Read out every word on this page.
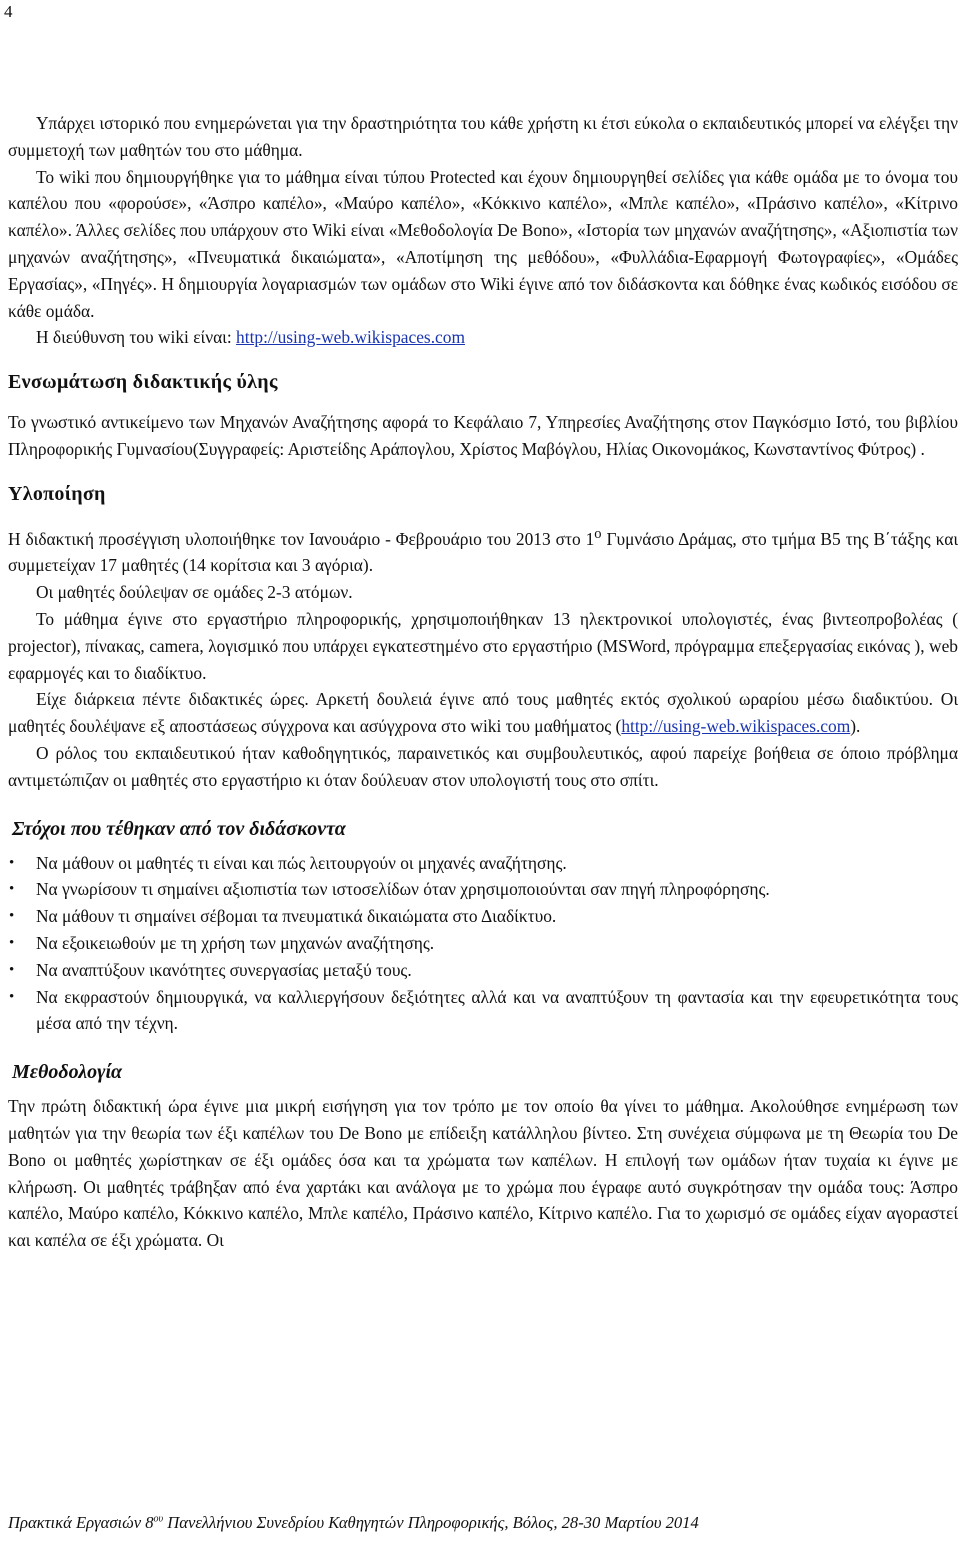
4

Υπάρχει ιστορικό που ενημερώνεται για την δραστηριότητα του κάθε χρήστη κι έτσι εύκολα ο εκπαιδευτικός μπορεί να ελέγξει την συμμετοχή των μαθητών του στο μάθημα.

Το wiki που δημιουργήθηκε για το μάθημα είναι τύπου Protected και έχουν δημιουργηθεί σελίδες για κάθε ομάδα με το όνομα του καπέλου που «φορούσε», «Άσπρο καπέλο», «Μαύρο καπέλο», «Κόκκινο καπέλο», «Μπλε καπέλο», «Πράσινο καπέλο», «Κίτρινο καπέλο». Άλλες σελίδες που υπάρχουν στο Wiki είναι «Μεθοδολογία De Bono», «Ιστορία των μηχανών αναζήτησης», «Αξιοπιστία των μηχανών αναζήτησης», «Πνευματικά δικαιώματα», «Αποτίμηση της μεθόδου», «Φυλλάδια-Εφαρμογή Φωτογραφίες», «Ομάδες Εργασίας», «Πηγές». Η δημιουργία λογαριασμών των ομάδων στο Wiki έγινε από τον διδάσκοντα και δόθηκε ένας κωδικός εισόδου σε κάθε ομάδα.

Η διεύθυνση του wiki είναι: http://using-web.wikispaces.com

Ενσωμάτωση διδακτικής ύλης

Το γνωστικό αντικείμενο των Μηχανών Αναζήτησης αφορά το Κεφάλαιο 7, Υπηρεσίες Αναζήτησης στον Παγκόσμιο Ιστό, του βιβλίου Πληροφορικής Γυμνασίου(Συγγραφείς: Αριστείδης Αράπογλου, Χρίστος Μαβόγλου, Ηλίας Οικονομάκος, Κωνσταντίνος Φύτρος) .

Υλοποίηση

Η διδακτική προσέγγιση υλοποιήθηκε τον Ιανουάριο - Φεβρουάριο του 2013 στο $1^o$ Γυμνάσιο Δράμας, στο τμήμα Β5 της Β΄τάξης και συμμετείχαν 17 μαθητές (14 κορίτσια και 3 αγόρια).

Οι μαθητές δούλεψαν σε ομάδες 2-3 ατόμων.

Το μάθημα έγινε στο εργαστήριο πληροφορικής, χρησιμοποιήθηκαν 13 ηλεκτρονικοί υπολογιστές, ένας βιντεοπροβολέας ( projector), πίνακας, camera, λογισμικό που υπάρχει εγκατεστημένο στο εργαστήριο (MSWord, πρόγραμμα επεξεργασίας εικόνας ), web εφαρμογές και το διαδίκτυο.

Είχε διάρκεια πέντε διδακτικές ώρες. Αρκετή δουλειά έγινε από τους μαθητές εκτός σχολικού ωραρίου μέσω διαδικτύου. Οι μαθητές δουλέψανε εξ αποστάσεως σύγχρονα και ασύγχρονα στο wiki του μαθήματος (http://using-web.wikispaces.com).

Ο ρόλος του εκπαιδευτικού ήταν καθοδηγητικός, παραινετικός και συμβουλευτικός, αφού παρείχε βοήθεια σε όποιο πρόβλημα αντιμετώπιζαν οι μαθητές στο εργαστήριο κι όταν δούλευαν στον υπολογιστή τους στο σπίτι.

Στόχοι που τέθηκαν από τον διδάσκοντα
• Να μάθουν οι μαθητές τι είναι και πώς λειτουργούν οι μηχανές αναζήτησης.
• Να γνωρίσουν τι σημαίνει αξιοπιστία των ιστοσελίδων όταν χρησιμοποιούνται σαν πηγή πληροφόρησης.
• Να μάθουν τι σημαίνει σέβομαι τα πνευματικά δικαιώματα στο Διαδίκτυο.
• Να εξοικειωθούν με τη χρήση των μηχανών αναζήτησης.
• Να αναπτύξουν ικανότητες συνεργασίας μεταξύ τους.
• Να εκφραστούν δημιουργικά, να καλλιεργήσουν δεξιότητες αλλά και να αναπτύξουν τη φαντασία και την εφευρετικότητα τους μέσα από την τέχνη.
Μεθοδολογία

Την πρώτη διδακτική ώρα έγινε μια μικρή εισήγηση για τον τρόπο με τον οποίο θα γίνει το μάθημα. Ακολούθησε ενημέρωση των μαθητών για την θεωρία των έξι καπέλων του De Bono με επίδειξη κατάλληλου βίντεο. Στη συνέχεια σύμφωνα με τη Θεωρία του De Bono οι μαθητές χωρίστηκαν σε έξι ομάδες όσα και τα χρώματα των καπέλων. Η επιλογή των ομάδων ήταν τυχαία κι έγινε με κλήρωση. Οι μαθητές τράβηξαν από ένα χαρτάκι και ανάλογα με το χρώμα που έγραφε αυτό συγκρότησαν την ομάδα τους: Άσπρο καπέλο, Μαύρο καπέλο, Κόκκινο καπέλο, Μπλε καπέλο, Πράσινο καπέλο, Κίτρινο καπέλο. Για το χωρισμό σε ομάδες είχαν αγοραστεί και καπέλα σε έξι χρώματα. Οι

Πρακτικά Εργασιών $8^{o\upsilon}$ Πανελλήνιου Συνεδρίου Καθηγητών Πληροφορικής, Βόλος, 28-30 Μαρτίου 2014
